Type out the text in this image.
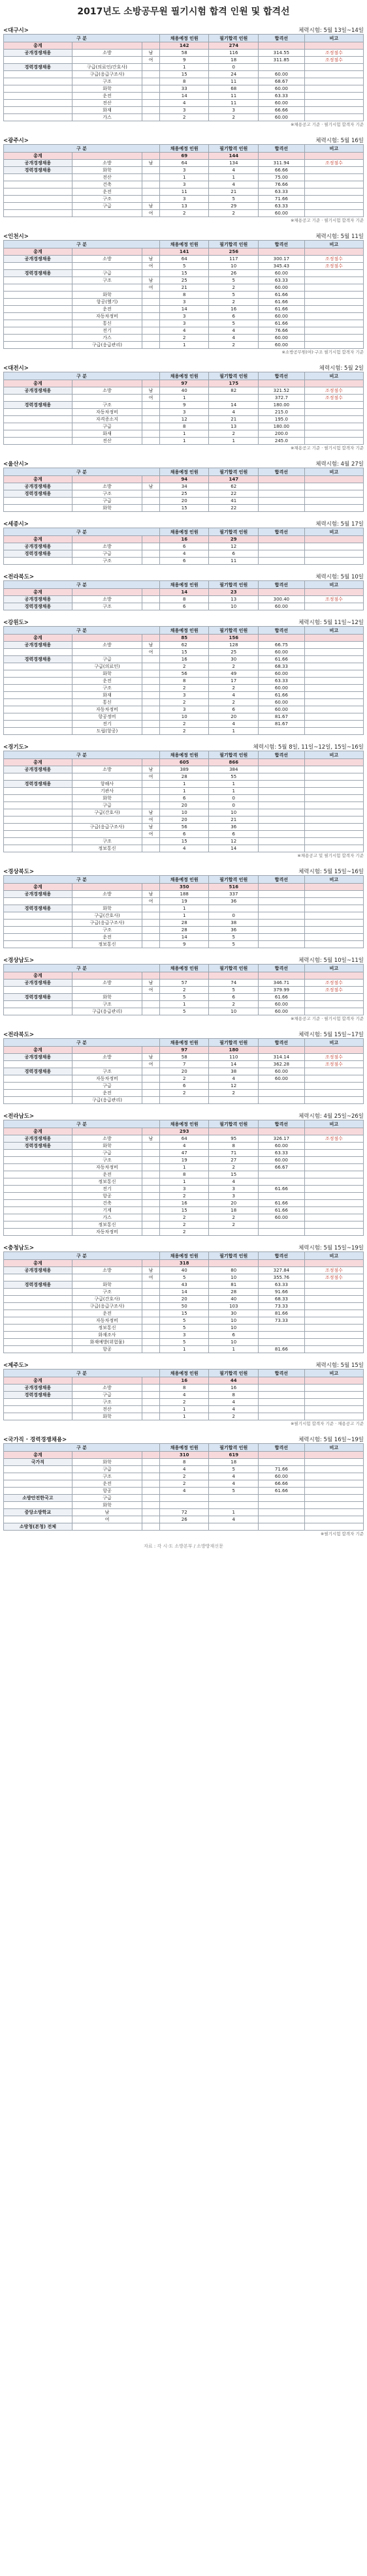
2017년도 소방공무원 필기시험 합격 인원 및 합격선
<대구시>	체력시험: 5월 13일~14일
구 분			채용예정 인원	필기합격 인원	합격선	비고
총계			142	274		
공개경쟁채용	소방	남	58	116	314.55	조정점수
		여	9	18	311.85	조정점수
경력경쟁채용	구급(의료인/간호사)		1	0		
	구급(응급구조사)		15	24	60.00	
	구조		8	11	68.67	
	화학		33	68	60.00	
	운전		14	11	63.33	
	전산		4	11	60.00	
	화재		3	3	66.66	
	가스		2	2	60.00	
※채용공고 기준 · 필기시험 합격자 기준
<광주시>	체력시험: 5월 16일
구 분			채용예정 인원	필기합격 인원	합격선	비고
총계			69	144		
공개경쟁채용	소방	남	64	134	311.94	조정점수
경력경쟁채용	화학		3	4	66.66	
	전산		1	1	75.00	
	건축		3	4	76.66	
	운전		11	21	63.33	
	구조		3	5	71.66	
	구급	남	13	29	63.33	
		여	2	2	60.00	
※채용공고 기준 · 필기시험 합격자 기준
<인천시>	체력시험: 5월 11일
구 분			채용예정 인원	필기합격 인원	합격선	비고
총계			141	256		
공개경쟁채용	소방	남	64	117	300.17	조정점수
		여	5	10	345.43	조정점수
경력경쟁채용	구급		15	26	60.00	
	구조	남	25	5	63.33	
		여	21	2	60.00	
	화학		8	5	61.66	
	항공(헬기)		3	2	61.66	
	운전		14	16	61.66	
	자동차정비		3	6	60.00	
	통신		3	5	61.66	
	전기		4	4	76.66	
	가스		2	4	60.00	
	구급(응급관리)		1	2	60.00	
※소방공무원(여)·구조 필기시험 합격자 기준
<대전시>	체력시험: 5월 2일
구 분			채용예정 인원	필기합격 인원	합격선	비고
총계			97	175		
공개경쟁채용	소방	남	40	82	321.52	조정점수
		여	1		372.7	조정점수
경력경쟁채용	구조		9	14	180.00	
	자동차정비		3	4	215.0	
	자격증소지		12	21	195.0	
	구급		8	13	180.00	
	화재		1	2	200.0	
	전산		1	1	245.0	
※채용공고 기준 · 필기시험 합격자 기준
<울산시>	체력시험: 4월 27일
구 분			채용예정 인원	필기합격 인원	합격선	비고
총계			94	147		
공개경쟁채용	소방	남	34	62		
경력경쟁채용	구조		25	22		
	구급		20	41		
	화학		15	22		
<세종시>	체력시험: 5월 17일
구 분			채용예정 인원	필기합격 인원	합격선	비고
총계			16	29		
공개경쟁채용	소방		6	12		
경력경쟁채용	구급		4	6		
	구조		6	11		
<전라북도>	체력시험: 5월 10일
구 분			채용예정 인원	필기합격 인원	합격선	비고
총계			14	23		
공개경쟁채용	소방		8	13	300.40	조정점수
경력경쟁채용	구조		6	10	60.00	
<강원도>	체력시험: 5월 11일~12일
구 분			채용예정 인원	필기합격 인원	합격선	비고
총계			85	156		
공개경쟁채용	소방	남	62	128	66.75	
		여	15	25	60.00	
경력경쟁채용	구급		16	30	61.66	
	구급(의료인)		2	2	68.33	
	화학		56	49	60.00	
	운전		8	17	63.33	
	구조		2	2	60.00	
	화재		3	4	61.66	
	통신		2	2	60.00	
	자동차정비		3	6	60.00	
	항공정비		10	20	81.67	
	전기		2	4	81.67	
	도립(항공)		2	1		
<경기도>	체력시험: 5월 8일, 11일~12일, 15일~16일
구 분			채용예정 인원	필기합격 인원	합격선	비고
총계			605	866		
공개경쟁채용	소방	남	389	384		
		여	28	55		
경력경쟁채용	항해사		1	1		
	기관사		1	1		
	화학		6	0		
	구급		20	0		
	구급(간호사)	남	10	10		
		여	20	21		
	구급(응급구조사)	남	56	36		
		여	6	6		
	구조		15	12		
	정보통신		4	14		
※채용공고 및 필기시험 합격자 기준
<경상북도>	체력시험: 5월 15일~16일
구 분			채용예정 인원	필기합격 인원	합격선	비고
총계			350	516		
공개경쟁채용	소방	남	188	337		
		여	19	36		
경력경쟁채용	화학		1			
	구급(간호사)		1	0		
	구급(응급구조사)		28	38		
	구조		28	36		
	운전		14	5		
	정보통신		9	5		
<경상남도>	체력시험: 5월 10일~11일
구 분			채용예정 인원	필기합격 인원	합격선	비고
총계						
공개경쟁채용	소방	남	57	74	346.71	조정점수
		여	2	5	379.99	조정점수
경력경쟁채용	화학		5	6	61.66	
	구조		1	2	60.00	
	구급(응급관리)		5	10	60.00	
※채용공고 기준 · 필기시험 합격자 기준
<전라북도>	체력시험: 5월 15일~17일
구 분			채용예정 인원	필기합격 인원	합격선	비고
총계			97	180		
공개경쟁채용	소방	남	58	110	314.14	조정점수
		여	7	14	362.28	조정점수
경력경쟁채용	구조		20	38	60.00	
	자동차정비		2	4	60.00	
	구급		6	12		
	운전		2	2		
	구급(응급관리)					
<전라남도>	체력시험: 4월 25일~26일
구 분			채용예정 인원	필기합격 인원	합격선	비고
총계			293			
공개경쟁채용	소방	남	64	95	326.17	조정점수
경력경쟁채용	화학		4	8	60.00	
	구급		47	71	63.33	
	구조		19	27	60.00	
	자동차정비		1	2	66.67	
	운전		8	15		
	정보통신		1	4		
	전기		3	3	61.66	
	항공		2	3		
	건축		16	20	61.66	
	기계		15	18	61.66	
	가스		2	2	60.00	
	정보통신		2	2		
	자동차정비		2			
<충청남도>	체력시험: 5월 15일~19일
구 분			채용예정 인원	필기합격 인원	합격선	비고
총계			318			
공개경쟁채용	소방	남	40	80	327.84	조정점수
		여	5	10	355.76	조정점수
경력경쟁채용	화학		43	81	63.33	
	구조		14	28	91.66	
	구급(간호사)		20	40	68.33	
	구급(응급구조사)		50	103	73.33	
	운전		15	30	81.66	
	자동차정비		5	10	73.33	
	정보통신		5	10		
	화재조사		3	6		
	화재예방(위험물)		5	10		
	항공		1	1	81.66	
<제주도>	체력시험: 5월 15일
구 분			채용예정 인원	필기합격 인원	합격선	비고
총계			16	44		
공개경쟁채용	소방		8	16		
경력경쟁채용	구급		4	8		
	구조		2	4		
	전산		1	4		
	화학		1	2		
※필기시험 합격자 기준 · 채용공고 기준
<국가직 · 경력경쟁채용>	체력시험: 5월 16일~19일
구 분			채용예정 인원	필기합격 인원	합격선	비고
총계			310	619		
국가직	화학		8	18		
	구급		4	5	71.66	
	구조		2	4	60.00	
	운전		2	4	66.66	
	항공		4	5	61.66	
소방안전한국고	구급					
	화학					
중앙소방학교	남		72	1		
	여		26	4		
소방청(본청) 전체						
※필기시험 합격자 기준
자료 : 각 시·도 소방본부 / 소방방재신문
